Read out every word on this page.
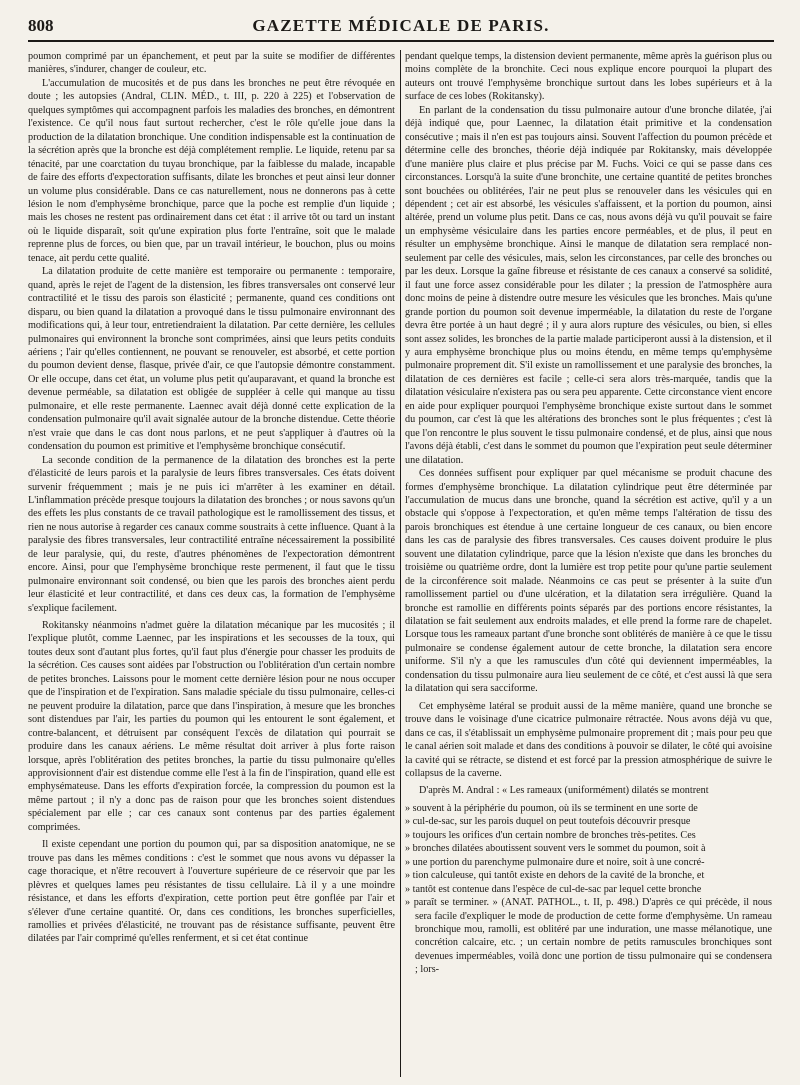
808	GAZETTE MÉDICALE DE PARIS.

poumon comprimé par un épanchement, et peut par la suite se modifier de différentes manières, s'indurer, changer de couleur, etc.

L'accumulation de mucosités et de pus dans les bronches ne peut être révoquée en doute ; les autopsies (Andral, CLIN. MÉD., t. III, p. 220 à 225) et l'observation de quelques symptômes qui accompagnent parfois les maladies des bronches, en démontrent l'existence. Ce qu'il nous faut surtout rechercher, c'est le rôle qu'elle joue dans la production de la dilatation bronchique. Une condition indispensable est la continuation de la sécrétion après que la bronche est déjà complétement remplie. Le liquide, retenu par sa ténacité, par une coarctation du tuyau bronchique, par la faiblesse du malade, incapable de faire des efforts d'expectoration suffisants, dilate les bronches et peut ainsi leur donner un volume plus considérable. Dans ce cas naturellement, nous ne donnerons pas à cette lésion le nom d'emphysème bronchique, parce que la poche est remplie d'un liquide ; mais les choses ne restent pas ordinairement dans cet état : il arrive tôt ou tard un instant où le liquide disparaît, soit qu'une expiration plus forte l'entraîne, soit que le malade reprenne plus de forces, ou bien que, par un travail intérieur, le bouchon, plus ou moins tenace, ait perdu cette qualité.

La dilatation produite de cette manière est temporaire ou permanente : temporaire, quand, après le rejet de l'agent de la distension, les fibres transversales ont conservé leur contractilité et le tissu des parois son élasticité ; permanente, quand ces conditions ont disparu, ou bien quand la dilatation a provoqué dans le tissu pulmonaire environnant des modifications qui, à leur tour, entretiendraient la dilatation. Par cette dernière, les cellules pulmonaires qui environnent la bronche sont comprimées, ainsi que leurs petits conduits aériens ; l'air qu'elles contiennent, ne pouvant se renouveler, est absorbé, et cette portion du poumon devient dense, flasque, privée d'air, ce que l'autopsie démontre constamment. Or elle occupe, dans cet état, un volume plus petit qu'auparavant, et quand la bronche est devenue perméable, sa dilatation est obligée de suppléer à celle qui manque au tissu pulmonaire, et elle reste permanente. Laennec avait déjà donné cette explication de la condensation pulmonaire qu'il avait signalée autour de la bronche distendue. Cette théorie n'est vraie que dans le cas dont nous parlons, et ne peut s'appliquer à d'autres où la condensation du poumon est primitive et l'emphysème bronchique consécutif.

La seconde condition de la permanence de la dilatation des bronches est la perte d'élasticité de leurs parois et la paralysie de leurs fibres transversales. Ces états doivent survenir fréquemment ; mais je ne puis ici m'arrêter à les examiner en détail. L'inflammation précède presque toujours la dilatation des bronches ; or nous savons qu'un des effets les plus constants de ce travail pathologique est le ramollissement des tissus, et rien ne nous autorise à regarder ces canaux comme soustraits à cette influence. Quant à la paralysie des fibres transversales, leur contractilité entraîne nécessairement la possibilité de leur paralysie, qui, du reste, d'autres phénomènes de l'expectoration démontrent encore. Ainsi, pour que l'emphysème bronchique reste permenent, il faut que le tissu pulmonaire environnant soit condensé, ou bien que les parois des bronches aient perdu leur élasticité et leur contractilité, et dans ces deux cas, la formation de l'emphysème s'explique facilement.

Rokitansky néanmoins n'admet guère la dilatation mécanique par les mucosités ; il l'explique plutôt, comme Laennec, par les inspirations et les secousses de la toux, qui toutes deux sont d'autant plus fortes, qu'il faut plus d'énergie pour chasser les produits de la sécrétion. Ces causes sont aidées par l'obstruction ou l'oblitération d'un certain nombre de petites bronches. Laissons pour le moment cette dernière lésion pour ne nous occuper que de l'inspiration et de l'expiration. Sans maladie spéciale du tissu pulmonaire, celles-ci ne peuvent produire la dilatation, parce que dans l'inspiration, à mesure que les bronches sont distendues par l'air, les parties du poumon qui les entourent le sont également, et contre-balancent, et détruisent par conséquent l'excès de dilatation qui pourrait se produire dans les canaux aériens. Le même résultat doit arriver à plus forte raison lorsque, après l'oblitération des petites bronches, la partie du tissu pulmonaire qu'elles approvisionnent d'air est distendue comme elle l'est à la fin de l'inspiration, quand elle est emphysémateuse. Dans les efforts d'expiration forcée, la compression du poumon est la même partout ; il n'y a donc pas de raison pour que les bronches soient distendues spécialement par elle ; car ces canaux sont contenus par des parties également comprimées.

Il existe cependant une portion du poumon qui, par sa disposition anatomique, ne se trouve pas dans les mêmes conditions : c'est le sommet que nous avons vu dépasser la cage thoracique, et n'être recouvert à l'ouverture supérieure de ce réservoir que par les plèvres et quelques lames peu résistantes de tissu cellulaire. Là il y a une moindre résistance, et dans les efforts d'expiration, cette portion peut être gonflée par l'air et s'élever d'une certaine quantité. Or, dans ces conditions, les bronches superficielles, ramollies et privées d'élasticité, ne trouvant pas de résistance suffisante, peuvent être dilatées par l'air comprimé qu'elles renferment, et si cet état continue

pendant quelque temps, la distension devient permanente, même après la guérison plus ou moins complète de la bronchite. Ceci nous explique encore pourquoi la plupart des auteurs ont trouvé l'emphysème bronchique surtout dans les lobes supérieurs et à la surface de ces lobes (Rokitansky).

En parlant de la condensation du tissu pulmonaire autour d'une bronche dilatée, j'ai déjà indiqué que, pour Laennec, la dilatation était primitive et la condensation consécutive ; mais il n'en est pas toujours ainsi. Souvent l'affection du poumon précède et détermine celle des bronches, théorie déjà indiquée par Rokitansky, mais développée d'une manière plus claire et plus précise par M. Fuchs. Voici ce qui se passe dans ces circonstances. Lorsqu'à la suite d'une bronchite, une certaine quantité de petites bronches sont bouchées ou oblitérées, l'air ne peut plus se renouveler dans les vésicules qui en dépendent ; cet air est absorbé, les vésicules s'affaissent, et la portion du poumon, ainsi altérée, prend un volume plus petit. Dans ce cas, nous avons déjà vu qu'il pouvait se faire un emphysème vésiculaire dans les parties encore perméables, et de plus, il peut en résulter un emphysème bronchique. Ainsi le manque de dilatation sera remplacé non-seulement par celle des vésicules, mais, selon les circonstances, par celle des bronches ou par les deux. Lorsque la gaîne fibreuse et résistante de ces canaux a conservé sa solidité, il faut une force assez considérable pour les dilater ; la pression de l'atmosphère aura donc moins de peine à distendre outre mesure les vésicules que les bronches. Mais qu'une grande portion du poumon soit devenue imperméable, la dilatation du reste de l'organe devra être portée à un haut degré ; il y aura alors rupture des vésicules, ou bien, si elles sont assez solides, les bronches de la partie malade participeront aussi à la distension, et il y aura emphysème bronchique plus ou moins étendu, en même temps qu'emphysème pulmonaire proprement dit. S'il existe un ramollissement et une paralysie des bronches, la dilatation de ces dernières est facile ; celle-ci sera alors très-marquée, tandis que la dilatation vésiculaire n'existera pas ou sera peu apparente. Cette circonstance vient encore en aide pour expliquer pourquoi l'emphysème bronchique existe surtout dans le sommet du poumon, car c'est là que les altérations des bronches sont le plus fréquentes ; c'est là que l'on rencontre le plus souvent le tissu pulmonaire condensé, et de plus, ainsi que nous l'avons déjà établi, c'est dans le sommet du poumon que l'expiration peut seule déterminer une dilatation.

Ces données suffisent pour expliquer par quel mécanisme se produit chacune des formes d'emphysème bronchique. La dilatation cylindrique peut être déterminée par l'accumulation de mucus dans une bronche, quand la sécrétion est active, qu'il y a un obstacle qui s'oppose à l'expectoration, et qu'en même temps l'altération de tissu des parois bronchiques est étendue à une certaine longueur de ces canaux, ou bien encore dans les cas de paralysie des fibres transversales. Ces causes doivent produire le plus souvent une dilatation cylindrique, parce que la lésion n'existe que dans les bronches du troisième ou quatrième ordre, dont la lumière est trop petite pour qu'une partie seulement de la circonférence soit malade. Néanmoins ce cas peut se présenter à la suite d'un ramollissement partiel ou d'une ulcération, et la dilatation sera irrégulière. Quand la bronche est ramollie en différents points séparés par des portions encore résistantes, la dilatation se fait seulement aux endroits malades, et elle prend la forme rare de chapelet. Lorsque tous les rameaux partant d'une bronche sont oblitérés de manière à ce que le tissu pulmonaire se condense également autour de cette bronche, la dilatation sera encore uniforme. S'il n'y a que les ramuscules d'un côté qui deviennent imperméables, la condensation du tissu pulmonaire aura lieu seulement de ce côté, et c'est aussi là que sera la dilatation qui sera sacciforme.

Cet emphysème latéral se produit aussi de la même manière, quand une bronche se trouve dans le voisinage d'une cicatrice pulmonaire rétractée. Nous avons déjà vu que, dans ce cas, il s'établissait un emphysème pulmonaire proprement dit ; mais pour peu que le canal aérien soit malade et dans des conditions à pouvoir se dilater, le côté qui avoisine la cavité qui se rétracte, se distend et est forcé par la pression atmosphérique de suivre le collapsus de la caverne.

D'après M. Andral : « Les rameaux (uniformément) dilatés se montrent

» souvent à la périphérie du poumon, où ils se terminent en une sorte de
» cul-de-sac, sur les parois duquel on peut toutefois découvrir presque
» toujours les orifices d'un certain nombre de bronches très-petites. Ces
» bronches dilatées aboutissent souvent vers le sommet du poumon, soit à
» une portion du parenchyme pulmonaire dure et noire, soit à une concré-
» tion calculeuse, qui tantôt existe en dehors de la cavité de la bronche, et
» tantôt est contenue dans l'espèce de cul-de-sac par lequel cette bronche
» paraît se terminer. » (ANAT. PATHOL., t. II, p. 498.) D'après ce qui précède, il nous sera facile d'expliquer le mode de production de cette forme d'emphysème. Un rameau bronchique mou, ramolli, est oblitéré par une induration, une masse mélanotique, une concrétion calcaire, etc. ; un certain nombre de petits ramuscules bronchiques sont devenues imperméables, voilà donc une portion de tissu pulmonaire qui se condensera ; lors-
